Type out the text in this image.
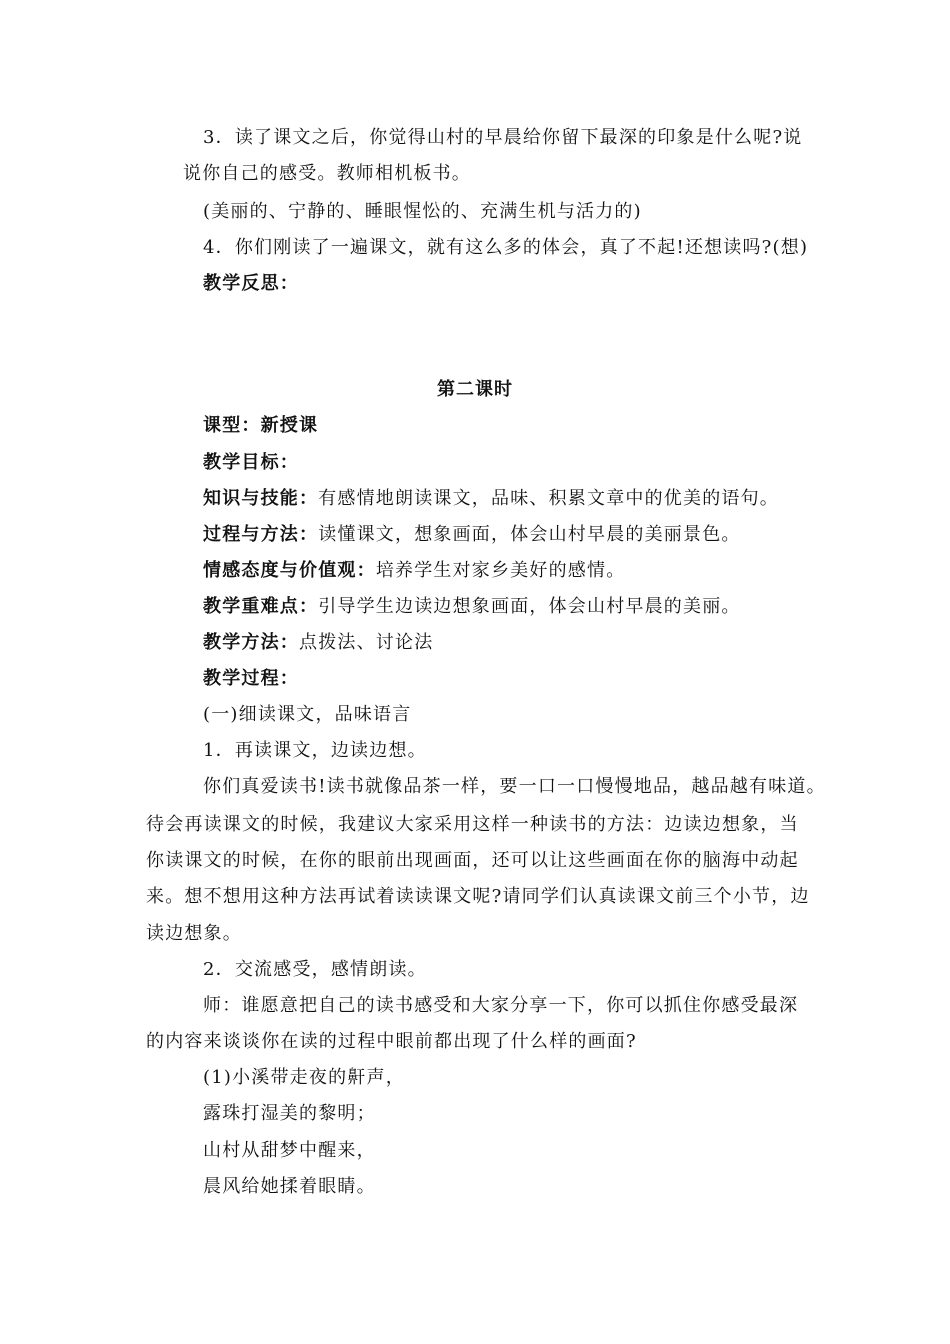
3．读了课文之后，你觉得山村的早晨给你留下最深的印象是什么呢?说
说你自己的感受。教师相机板书。
(美丽的、宁静的、睡眼惺忪的、充满生机与活力的)
4．你们刚读了一遍课文，就有这么多的体会，真了不起!还想读吗?(想)
教学反思：
第二课时
课型：新授课
教学目标：
知识与技能：有感情地朗读课文，品味、积累文章中的优美的语句。
过程与方法：读懂课文，想象画面，体会山村早晨的美丽景色。
情感态度与价值观：培养学生对家乡美好的感情。
教学重难点：引导学生边读边想象画面，体会山村早晨的美丽。
教学方法：点拨法、讨论法
教学过程：
(一)细读课文，品味语言
1．再读课文，边读边想。
你们真爱读书!读书就像品茶一样，要一口一口慢慢地品，越品越有味道。
待会再读课文的时候，我建议大家采用这样一种读书的方法：边读边想象，当
你读课文的时候，在你的眼前出现画面，还可以让这些画面在你的脑海中动起
来。想不想用这种方法再试着读读课文呢?请同学们认真读课文前三个小节，边
读边想象。
2．交流感受，感情朗读。
师：谁愿意把自己的读书感受和大家分享一下，你可以抓住你感受最深
的内容来谈谈你在读的过程中眼前都出现了什么样的画面?
(1)小溪带走夜的鼾声，
露珠打湿美的黎明；
山村从甜梦中醒来，
晨风给她揉着眼睛。
